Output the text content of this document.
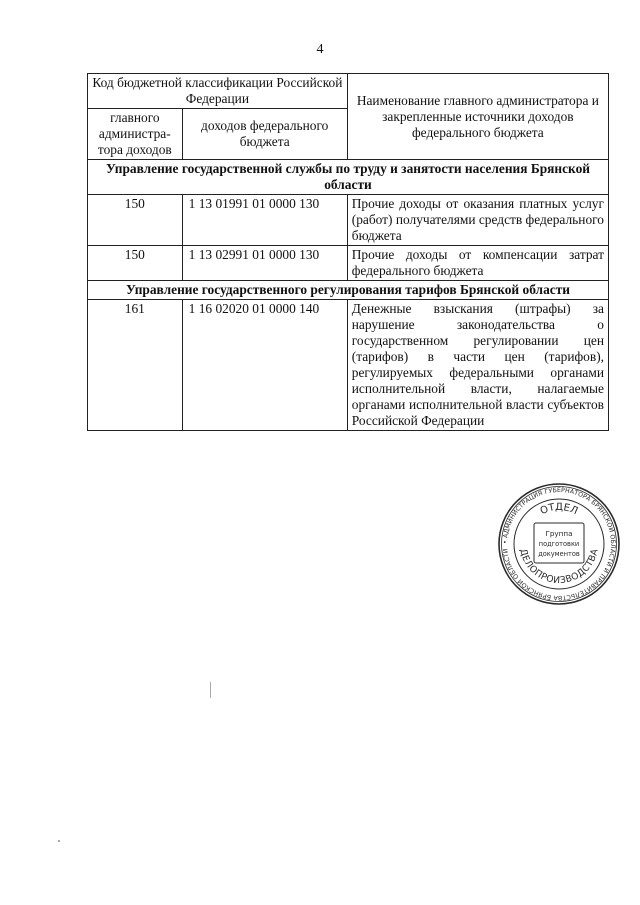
4
Код бюджетной классификации Российской Федерации		Наименование главного администратора и закрепленные источники доходов федерального бюджета
главного администра-тора доходов	доходов федерального бюджета	
Управление государственной службы по труду и занятости населения Брянской области		
150	1 13 01991 01 0000 130	Прочие доходы от оказания платных услуг (работ) получателями средств федерального бюджета
150	1 13 02991 01 0000 130	Прочие доходы от компенсации затрат федерального бюджета
Управление государственного регулирования тарифов Брянской области		
161	1 16 02020 01 0000 140	Денежные взыскания (штрафы) за нарушение законодательства о государственном регулировании цен (тарифов) в части цен (тарифов), регулируемых федеральными органами исполнительной власти, налагаемые органами исполнительной власти субъектов Российской Федерации
• АДМИНИСТРАЦИЯ ГУБЕРНАТОРА БРЯНСКОЙ ОБЛАСТИ И ПРАВИТЕЛЬСТВА БРЯНСКОЙ ОБЛАСТИ
ОТДЕЛ
ДЕЛОПРОИЗВОДСТВА
Группа
подготовки
документов
